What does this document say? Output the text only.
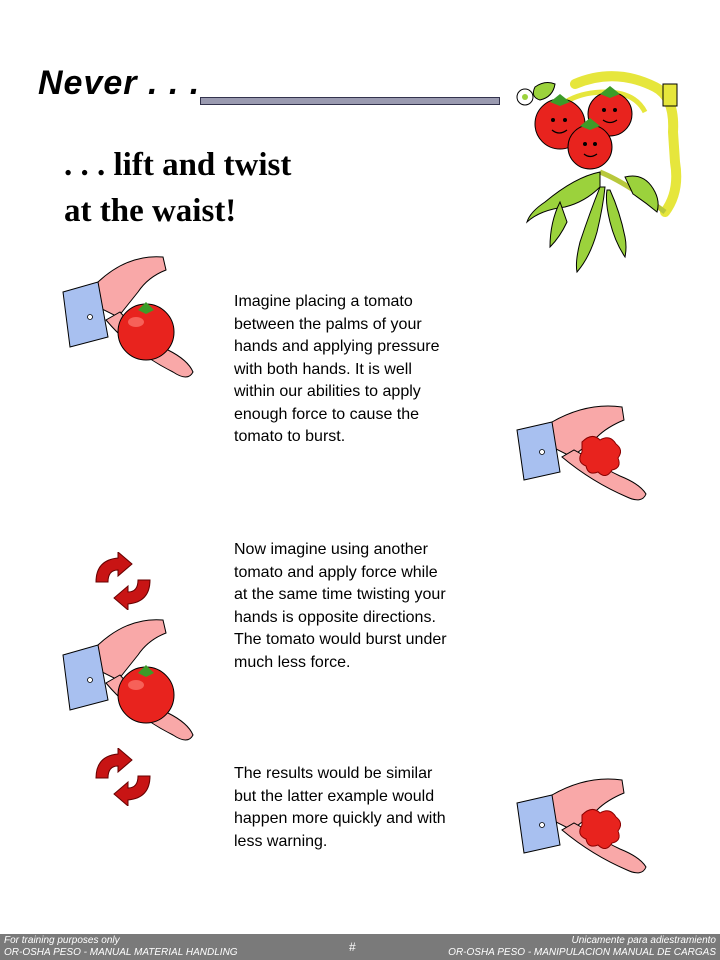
Never . . .
. . . lift and twist
at the waist!

Imagine placing a tomato between the palms of your hands and applying pressure with both hands. It is well within our abilities to apply enough force to cause the tomato to burst.

Now imagine using another tomato and apply force while at the same time twisting your hands is opposite directions. The tomato would burst under much less force.

The results would be similar but the latter example would happen more quickly and with less warning.

For training purposes only
OR-OSHA PESO - MANUAL MATERIAL HANDLING	#	Unicamente para adiestramiento
OR-OSHA PESO - MANIPULACION MANUAL DE CARGAS
